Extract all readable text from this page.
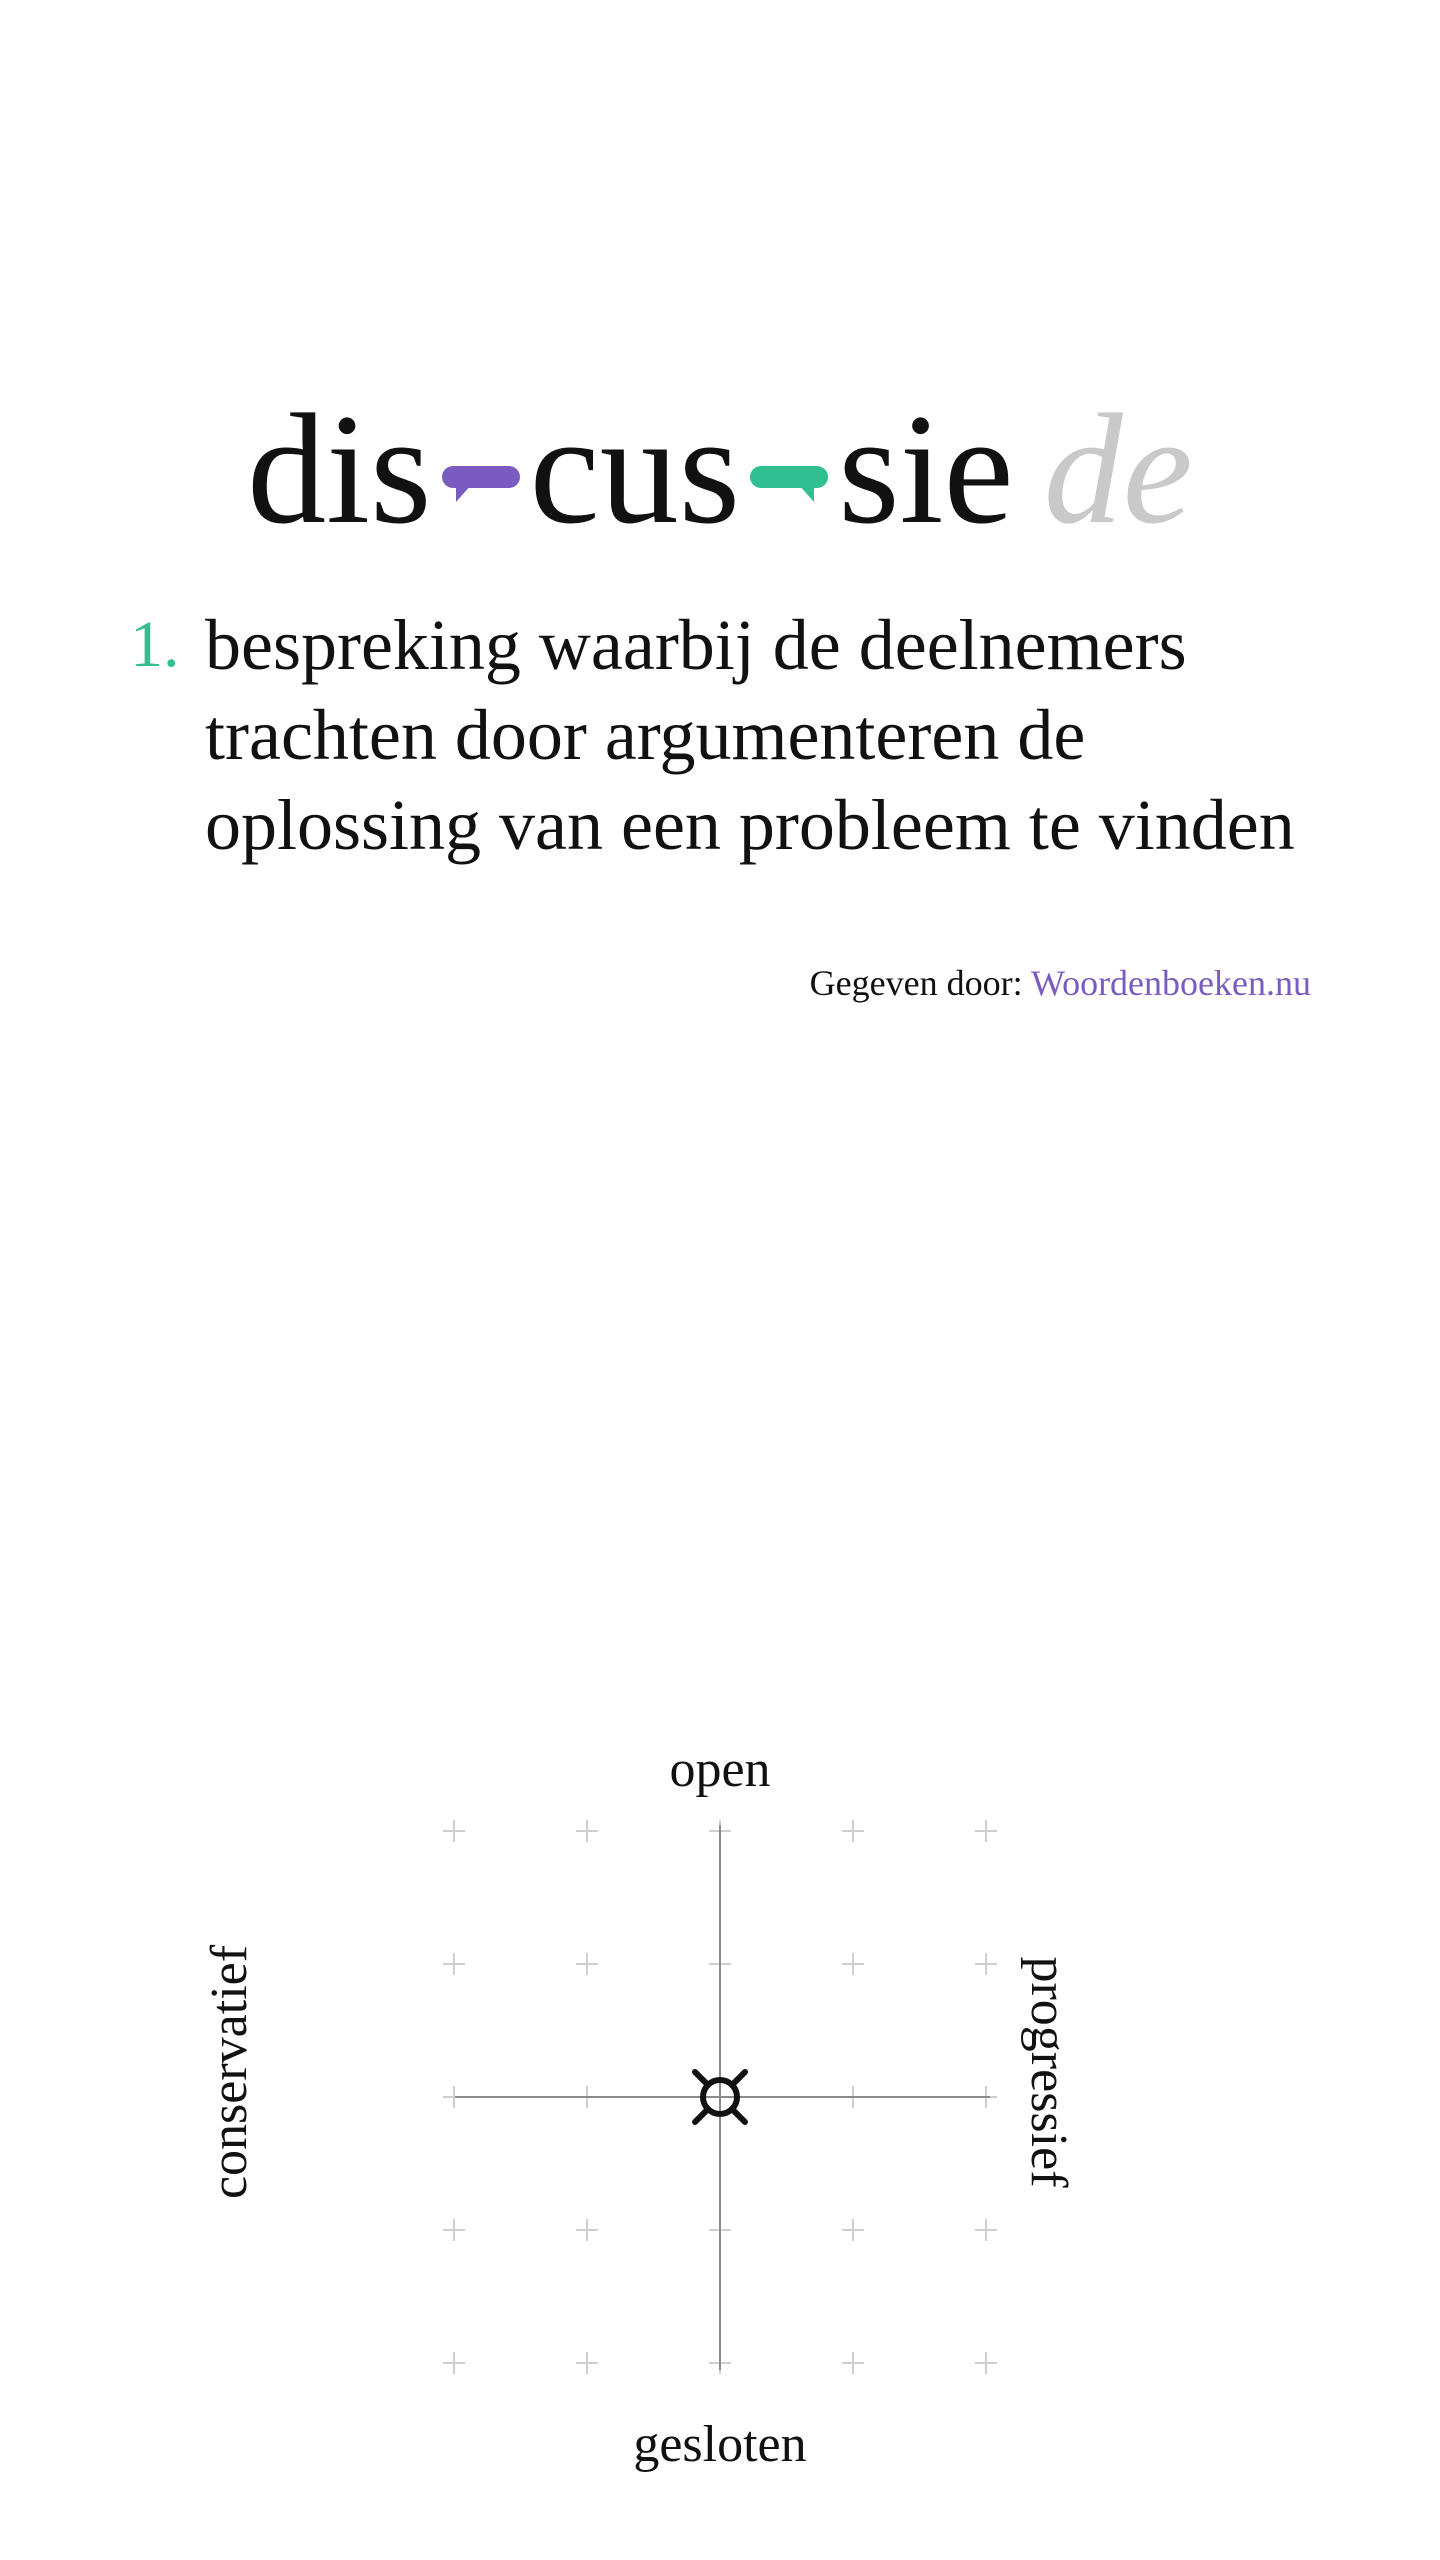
dis cus sie de
1. bespreking waarbij de deelnemers trachten door argumenteren de oplossing van een probleem te vinden
Gegeven door: Woordenboeken.nu
open
gesloten
conservatief	progressief
